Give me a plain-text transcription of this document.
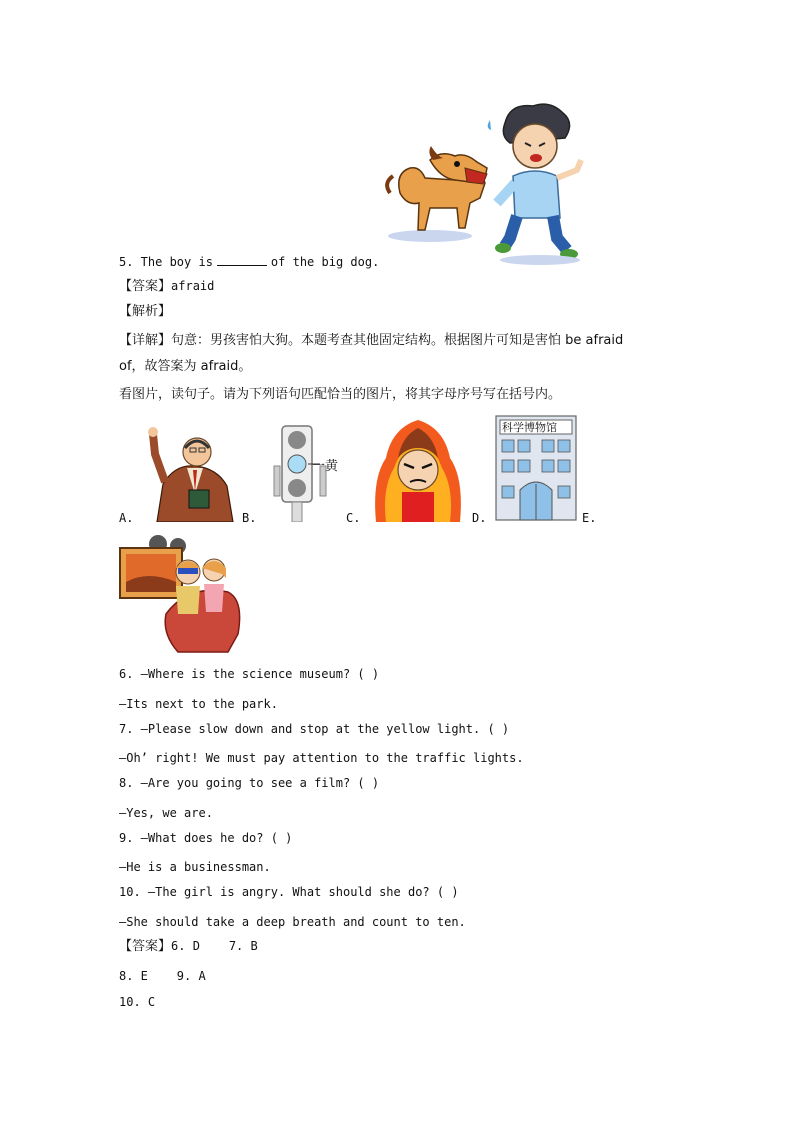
5. The boy is	of the big dog.
【答案】afraid
【解析】
【详解】句意：男孩害怕大狗。本题考查其他固定结构。根据图片可知是害怕 be afraid
of，故答案为 afraid。
看图片，读句子。请为下列语句匹配恰当的图片，将其字母序号写在括号内。
A.
一黄
B.	C.
科学博物馆
D.	E.
6. —Where is the science museum? ( )
—Its next to the park.
7. —Please slow down and stop at the yellow light. ( )
—Oh’ right! We must pay attention to the traffic lights.
8. —Are you going to see a film? ( )
—Yes, we are.
9. —What does he do? ( )
—He is a businessman.
10. —The girl is angry. What should she do? ( )
—She should take a deep breath and count to ten.
【答案】6. D    7. B
8. E    9. A
10. C
